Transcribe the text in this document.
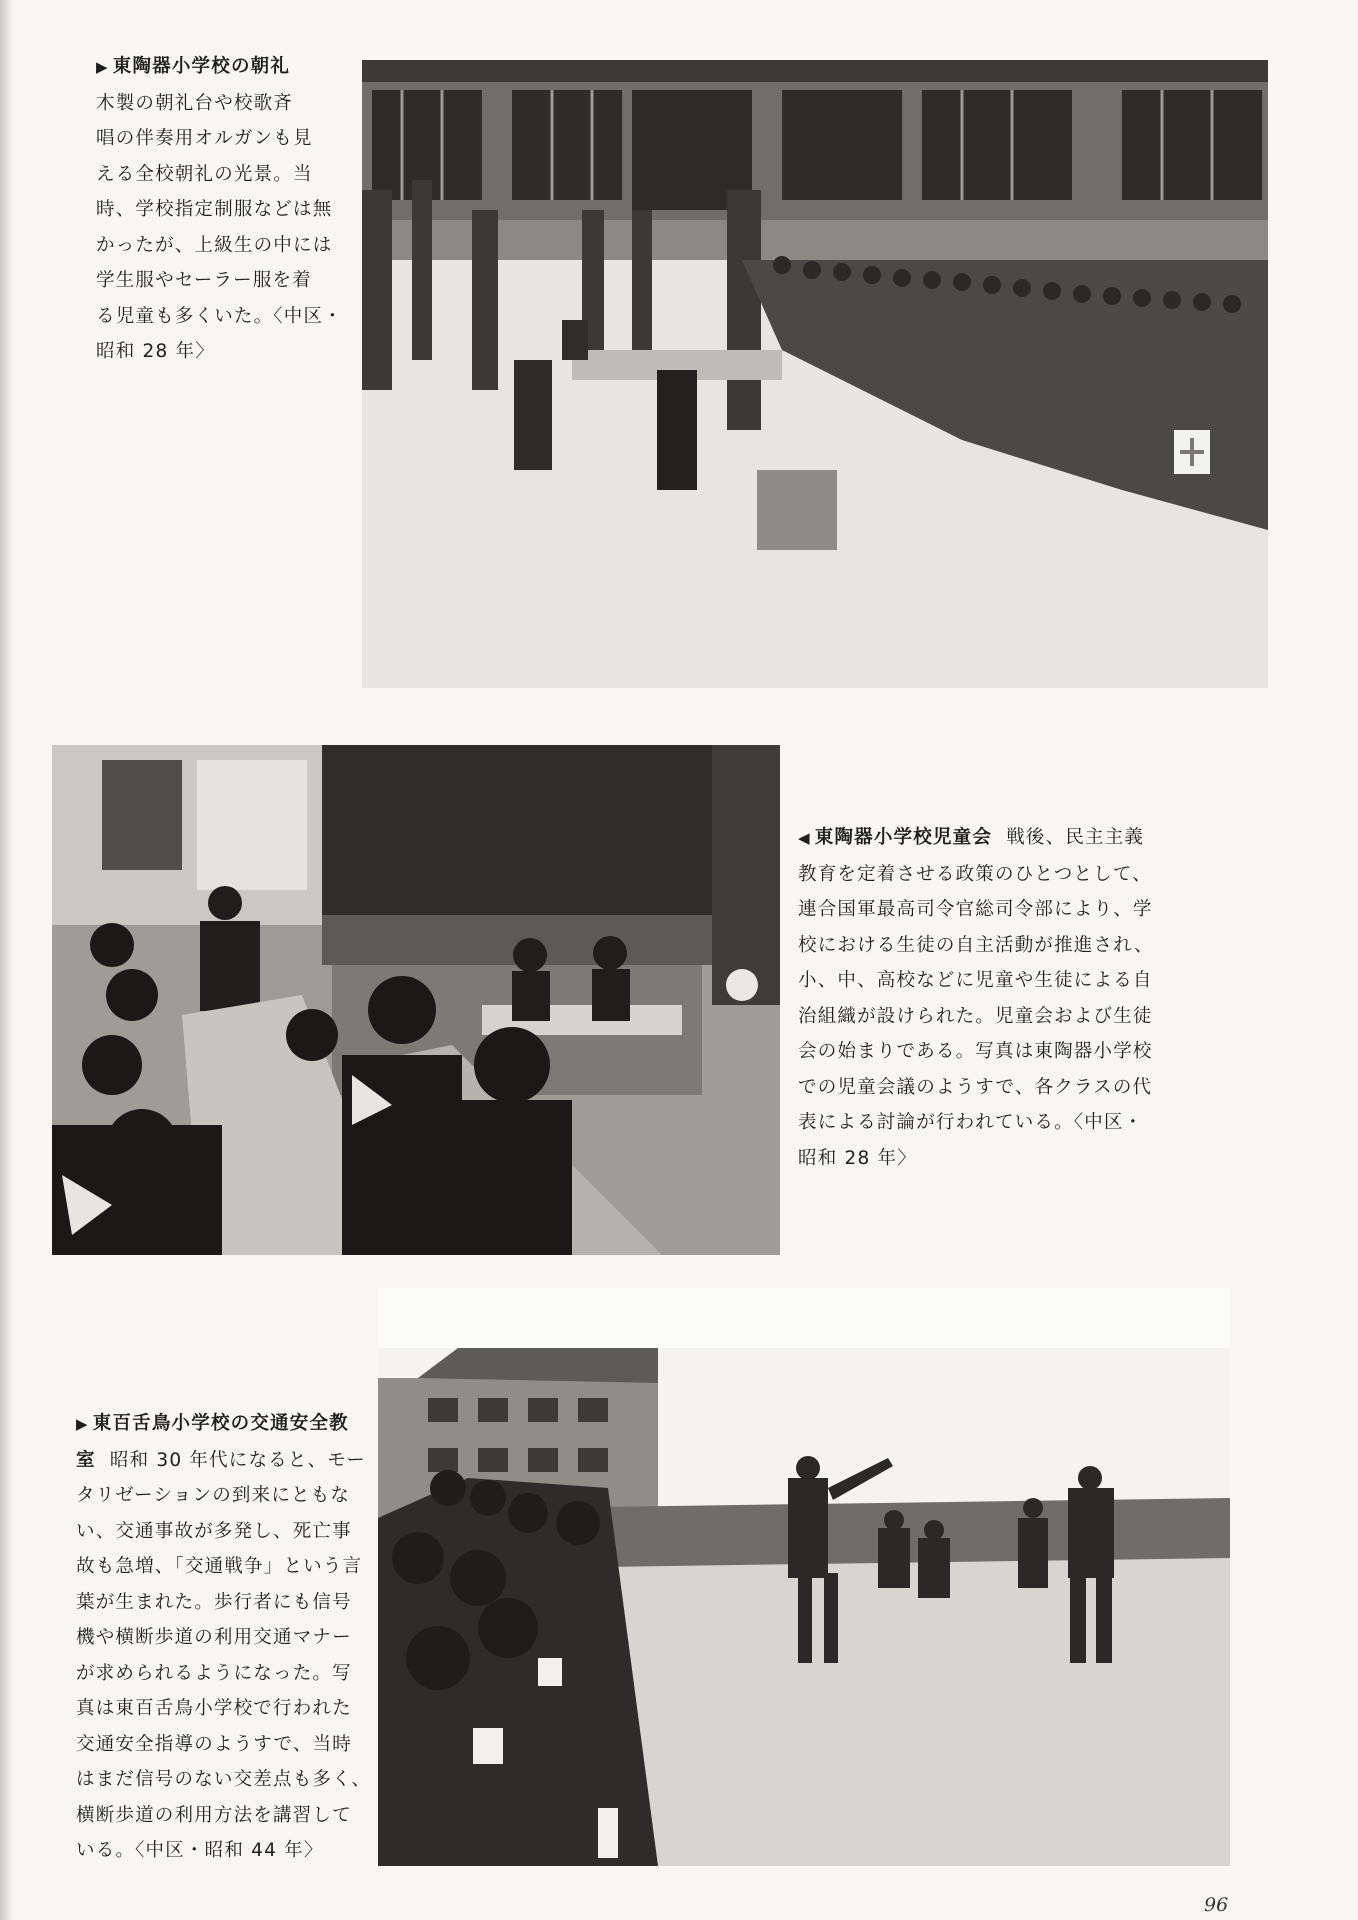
▶ 東陶器小学校の朝礼
木製の朝礼台や校歌斉
唱の伴奏用オルガンも見
える全校朝礼の光景。当
時、学校指定制服などは無
かったが、上級生の中には
学生服やセーラー服を着
る児童も多くいた。〈中区・
昭和 28 年〉
◀ 東陶器小学校児童会 戦後、民主主義
教育を定着させる政策のひとつとして、
連合国軍最高司令官総司令部により、学
校における生徒の自主活動が推進され、
小、中、高校などに児童や生徒による自
治組織が設けられた。児童会および生徒
会の始まりである。写真は東陶器小学校
での児童会議のようすで、各クラスの代
表による討論が行われている。〈中区・
昭和 28 年〉
▶ 東百舌鳥小学校の交通安全教
室 昭和 30 年代になると、モー
タリゼーションの到来にともな
い、交通事故が多発し、死亡事
故も急増、「交通戦争」という言
葉が生まれた。歩行者にも信号
機や横断歩道の利用交通マナー
が求められるようになった。写
真は東百舌鳥小学校で行われた
交通安全指導のようすで、当時
はまだ信号のない交差点も多く、
横断歩道の利用方法を講習して
いる。〈中区・昭和 44 年〉
96
